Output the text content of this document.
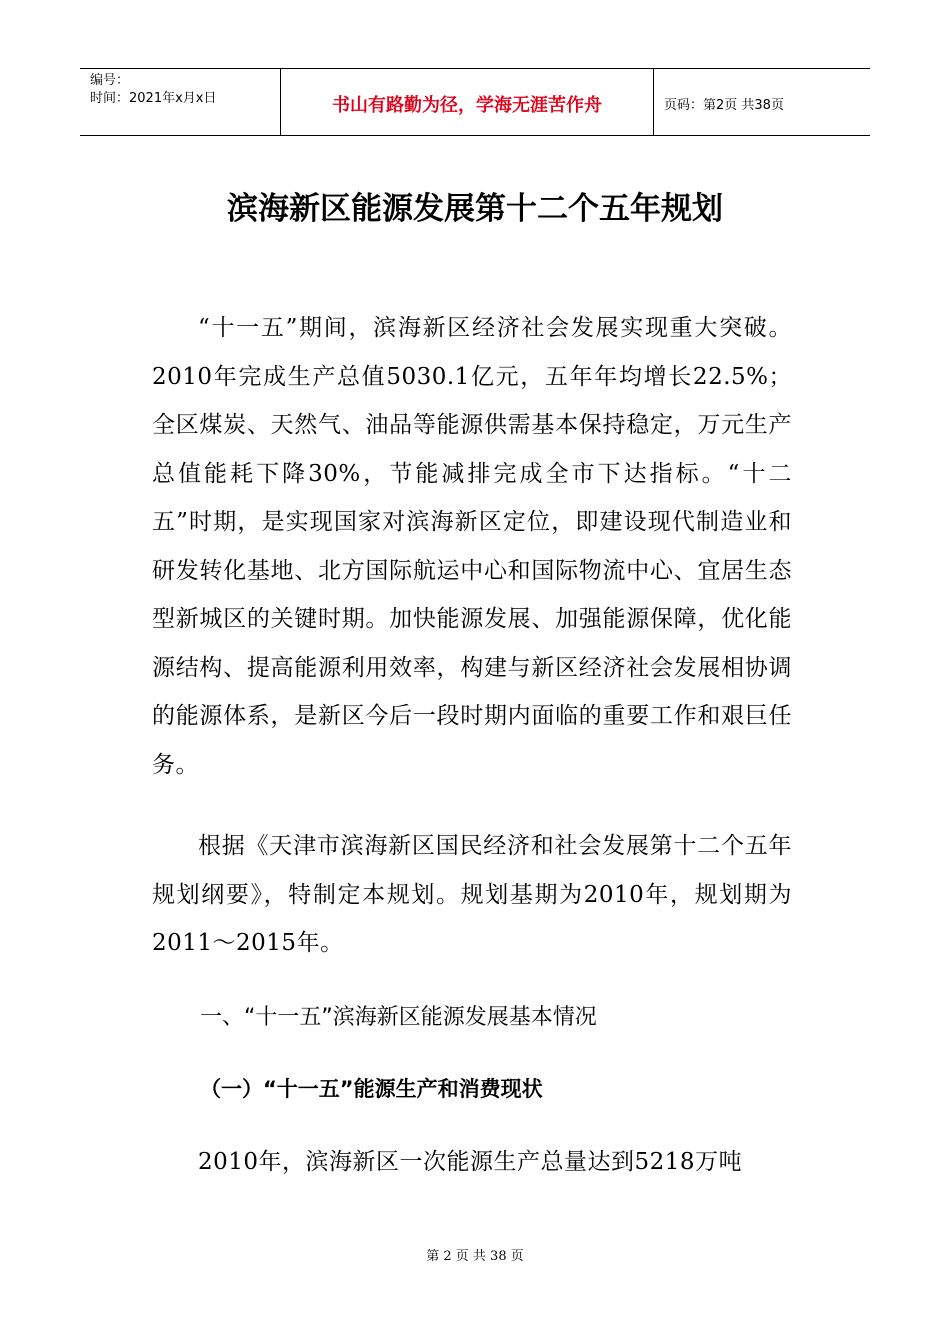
编号：
时间：2021年x月x日	书山有路勤为径，学海无涯苦作舟	页码：第2页 共38页
滨海新区能源发展第十二个五年规划

“十一五”期间，滨海新区经济社会发展实现重大突破。2010年完成生产总值5030.1亿元，五年年均增长22.5%；全区煤炭、天然气、油品等能源供需基本保持稳定，万元生产总值能耗下降30%，节能减排完成全市下达指标。“十二五”时期，是实现国家对滨海新区定位，即建设现代制造业和研发转化基地、北方国际航运中心和国际物流中心、宜居生态型新城区的关键时期。加快能源发展、加强能源保障，优化能源结构、提高能源利用效率，构建与新区经济社会发展相协调的能源体系，是新区今后一段时期内面临的重要工作和艰巨任务。

根据《天津市滨海新区国民经济和社会发展第十二个五年规划纲要》，特制定本规划。规划基期为2010年，规划期为2011～2015年。

一、“十一五”滨海新区能源发展基本情况

（一）“十一五”能源生产和消费现状

2010年，滨海新区一次能源生产总量达到5218万吨

第 2 页 共 38 页
